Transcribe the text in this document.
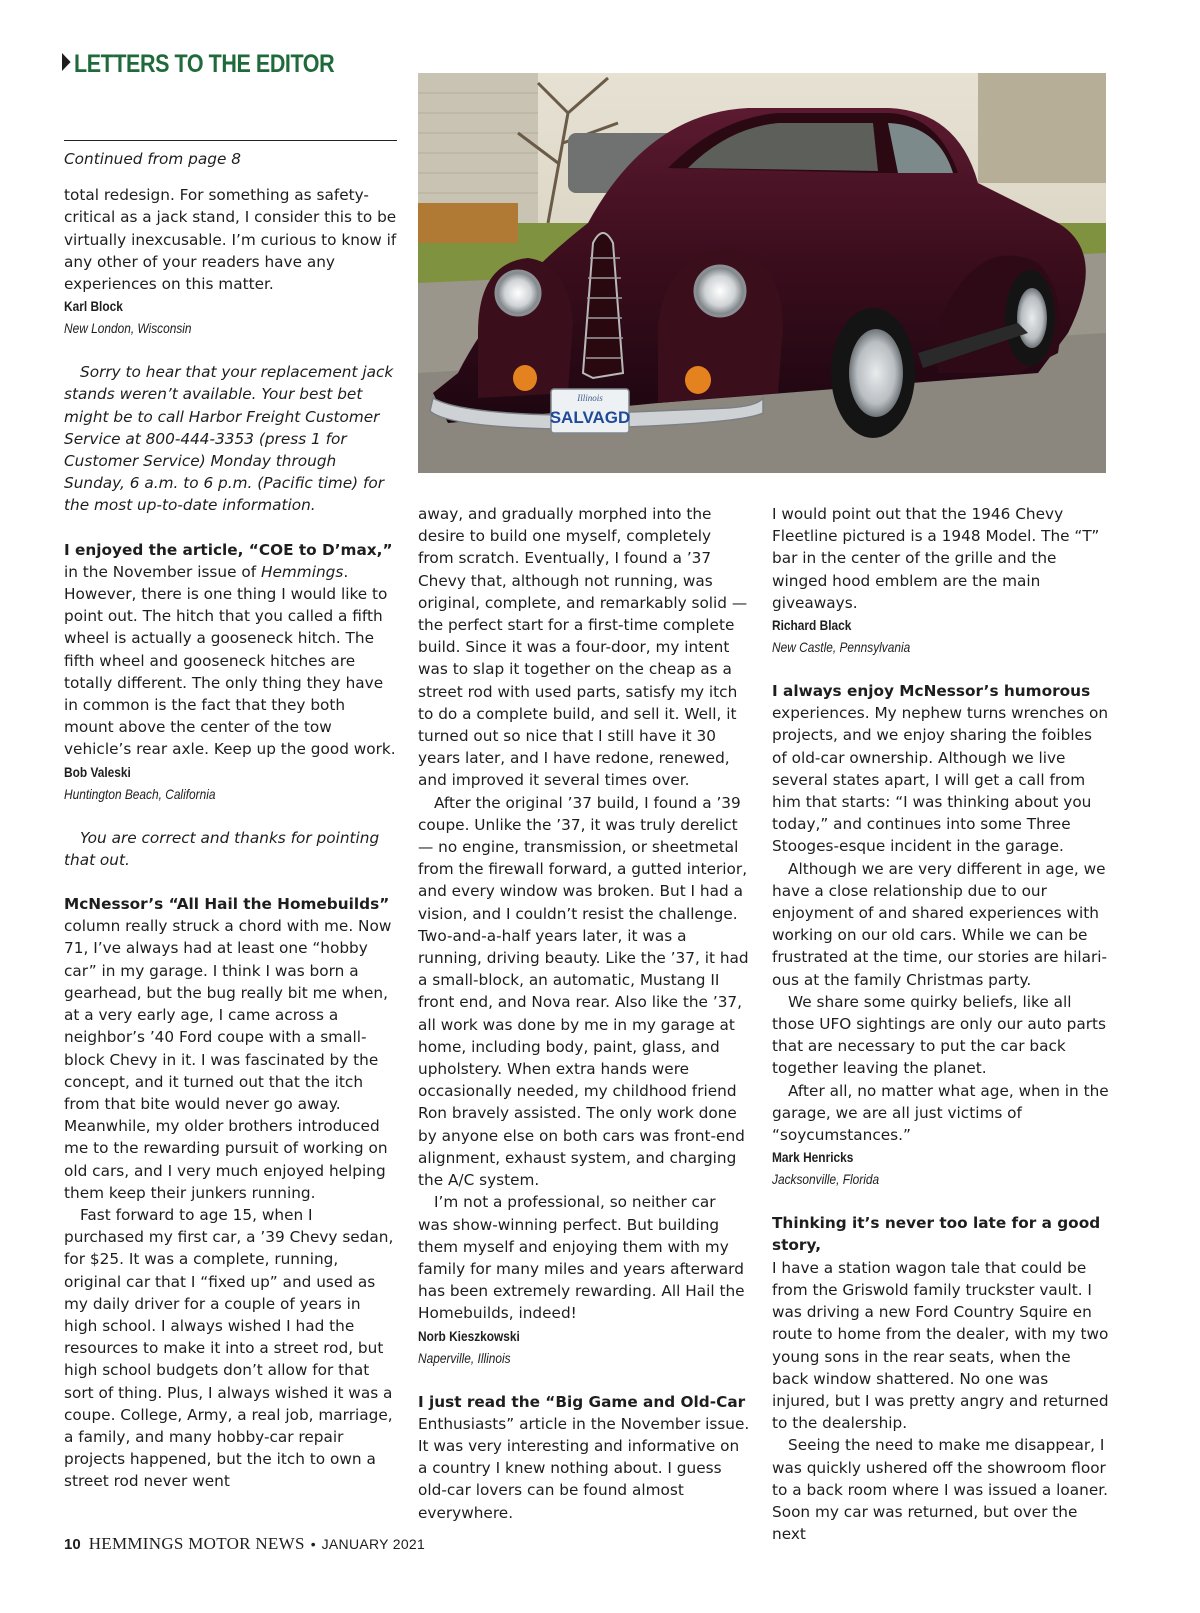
LETTERS TO THE EDITOR
Illinois
SALVAGD

Continued from page 8

total redesign. For something as safety-critical as a jack stand, I consider this to be virtually inexcusable. I’m curious to know if any other of your readers have any experiences on this matter.

Karl Block
New London, Wisconsin

Sorry to hear that your replacement jack stands weren’t available. Your best bet might be to call Harbor Freight Customer Service at 800-444-3353 (press 1 for Customer Service) Monday through Sunday, 6 a.m. to 6 p.m. (Pacific time) for the most up-to-date information.

I enjoyed the article, “COE to D’max,” in the November issue of Hemmings. However, there is one thing I would like to point out. The hitch that you called a fifth wheel is actually a gooseneck hitch. The fifth wheel and gooseneck hitches are totally different. The only thing they have in common is the fact that they both mount above the center of the tow vehicle’s rear axle. Keep up the good work.

Bob Valeski
Huntington Beach, California

You are correct and thanks for pointing that out.

McNessor’s “All Hail the Homebuilds” column really struck a chord with me. Now 71, I’ve always had at least one “hobby car” in my garage. I think I was born a gearhead, but the bug really bit me when, at a very early age, I came across a neighbor’s ’40 Ford coupe with a small-block Chevy in it. I was fascinated by the concept, and it turned out that the itch from that bite would never go away. Meanwhile, my older brothers introduced me to the rewarding pursuit of working on old cars, and I very much enjoyed helping them keep their junkers running.

Fast forward to age 15, when I purchased my first car, a ’39 Chevy sedan, for $25. It was a complete, running, original car that I “fixed up” and used as my daily driver for a couple of years in high school. I always wished I had the resources to make it into a street rod, but high school budgets don’t allow for that sort of thing. Plus, I always wished it was a coupe. College, Army, a real job, marriage, a family, and many hobby-car repair projects happened, but the itch to own a street rod never went

away, and gradually morphed into the desire to build one myself, completely from scratch. Eventually, I found a ’37 Chevy that, although not running, was original, complete, and remarkably solid — the perfect start for a first-time complete build. Since it was a four-door, my intent was to slap it together on the cheap as a street rod with used parts, satisfy my itch to do a complete build, and sell it. Well, it turned out so nice that I still have it 30 years later, and I have redone, renewed, and improved it several times over.

After the original ’37 build, I found a ’39 coupe. Unlike the ’37, it was truly derelict — no engine, transmission, or sheetmetal from the firewall forward, a gutted interior, and every window was broken. But I had a vision, and I couldn’t resist the challenge. Two-and-a-half years later, it was a running, driving beauty. Like the ’37, it had a small-block, an automatic, Mustang II front end, and Nova rear. Also like the ’37, all work was done by me in my garage at home, including body, paint, glass, and upholstery. When extra hands were occasionally needed, my childhood friend Ron bravely assisted. The only work done by anyone else on both cars was front-end alignment, exhaust system, and charging the A/C system.

I’m not a professional, so neither car was show-winning perfect. But building them myself and enjoying them with my family for many miles and years afterward has been extremely rewarding. All Hail the Homebuilds, indeed!

Norb Kieszkowski
Naperville, Illinois

I just read the “Big Game and Old-Car

Enthusiasts” article in the November issue. It was very interesting and informative on a country I knew nothing about. I guess old-car lovers can be found almost everywhere.

I would point out that the 1946 Chevy Fleetline pictured is a 1948 Model. The “T” bar in the center of the grille and the winged hood emblem are the main giveaways.

Richard Black
New Castle, Pennsylvania

I always enjoy McNessor’s humorous

experiences. My nephew turns wrenches on projects, and we enjoy sharing the foibles of old-car ownership. Although we live several states apart, I will get a call from him that starts: “I was thinking about you today,” and continues into some Three Stooges-esque incident in the garage.

Although we are very different in age, we have a close relationship due to our enjoyment of and shared experiences with working on our old cars. While we can be frustrated at the time, our stories are hilari-ous at the family Christmas party.

We share some quirky beliefs, like all those UFO sightings are only our auto parts that are necessary to put the car back together leaving the planet.

After all, no matter what age, when in the garage, we are all just victims of “soycumstances.”

Mark Henricks
Jacksonville, Florida

Thinking it’s never too late for a good story,

I have a station wagon tale that could be from the Griswold family truckster vault. I was driving a new Ford Country Squire en route to home from the dealer, with my two young sons in the rear seats, when the back window shattered. No one was injured, but I was pretty angry and returned to the dealership.

Seeing the need to make me disappear, I was quickly ushered off the showroom floor to a back room where I was issued a loaner. Soon my car was returned, but over the next

10 HEMMINGS MOTOR NEWS • JANUARY 2021
